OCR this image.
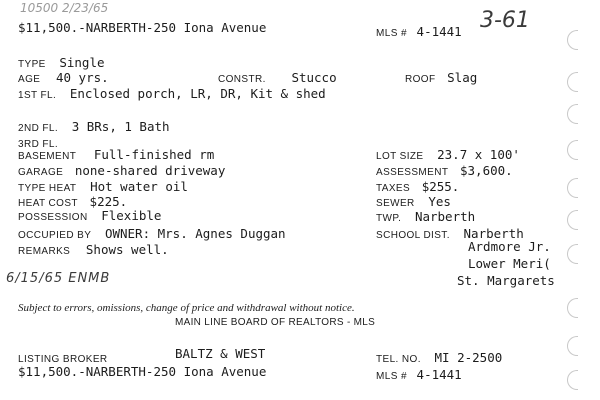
10500 2/23/65
$11,500.-NARBERTH-250 Iona Avenue	MLS # 4-1441 3-61
TYPE Single
AGE 40 yrs.	CONSTR. Stucco	ROOF Slag
1ST FL. Enclosed porch, LR, DR, Kit & shed
2ND FL. 3 BRs, 1 Bath
3RD FL.
BASEMENT Full-finished rm
GARAGE none-shared driveway
TYPE HEAT Hot water oil
HEAT COST $225.
POSSESSION Flexible
OCCUPIED BY OWNER: Mrs. Agnes Duggan
REMARKS Shows well.
LOT SIZE 23.7 x 100'
ASSESSMENT $3,600.
TAXES $255.
SEWER Yes
TWP. Narberth
SCHOOL DIST. Narberth
Ardmore Jr.
Lower Meri(
St. Margarets
6/15/65 ENMB
Subject to errors, omissions, change of price and withdrawal without notice.
MAIN LINE BOARD OF REALTORS - MLS
LISTING BROKER	BALTZ & WEST	TEL. NO. MI 2-2500
$11,500.-NARBERTH-250 Iona Avenue	MLS # 4-1441
